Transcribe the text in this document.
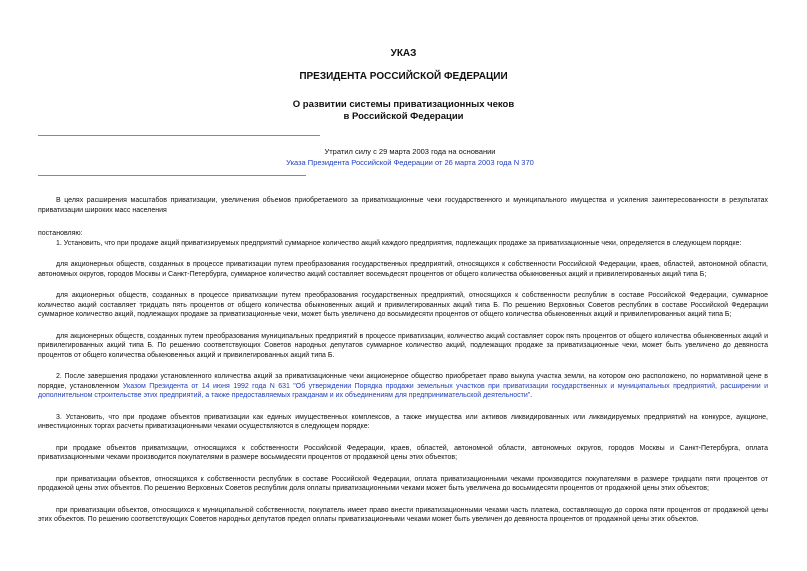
УКАЗ
ПРЕЗИДЕНТА РОССИЙСКОЙ ФЕДЕРАЦИИ
О развитии системы приватизационных чеков
в Российской Федерации
Утратил силу с 29 марта 2003 года на основании
Указа Президента Российской Федерации от 26 марта 2003 года N 370

В целях расширения масштабов приватизации, увеличения объемов приобретаемого за приватизационные чеки государственного и муниципального имущества и усиления заинтересованности в результатах приватизации широких масс населения

постановляю:

1. Установить, что при продаже акций приватизируемых предприятий суммарное количество акций каждого предприятия, подлежащих продаже за приватизационные чеки, определяется в следующем порядке:

для акционерных обществ, созданных в процессе приватизации путем преобразования государственных предприятий, относящихся к собственности Российской Федерации, краев, областей, автономной области, автономных округов, городов Москвы и Санкт-Петербурга, суммарное количество акций составляет восемьдесят процентов от общего количества обыкновенных акций и привилегированных акций типа Б;

для акционерных обществ, созданных в процессе приватизации путем преобразования государственных предприятий, относящихся к собственности республик в составе Российской Федерации, суммарное количество акций составляет тридцать пять процентов от общего количества обыкновенных акций и привилегированных акций типа Б. По решению Верховных Советов республик в составе Российской Федерации суммарное количество акций, подлежащих продаже за приватизационные чеки, может быть увеличено до восьмидесяти процентов от общего количества обыкновенных акций и привилегированных акций типа Б;

для акционерных обществ, созданных путем преобразования муниципальных предприятий в процессе приватизации, количество акций составляет сорок пять процентов от общего количества обыкновенных акций и привилегированных акций типа Б. По решению соответствующих Советов народных депутатов суммарное количество акций, подлежащих продаже за приватизационные чеки, может быть увеличено до девяноста процентов от общего количества обыкновенных акций и привилегированных акций типа Б.

2. После завершения продажи установленного количества акций за приватизационные чеки акционерное общество приобретает право выкупа участка земли, на котором оно расположено, по нормативной цене в порядке, установленном Указом Президента от 14 июня 1992 года N 631 "Об утверждении Порядка продажи земельных участков при приватизации государственных и муниципальных предприятий, расширении и дополнительном строительстве этих предприятий, а также предоставляемых гражданам и их объединениям для предпринимательской деятельности".

3. Установить, что при продаже объектов приватизации как единых имущественных комплексов, а также имущества или активов ликвидированных или ликвидируемых предприятий на конкурсе, аукционе, инвестиционных торгах расчеты приватизационными чеками осуществляются в следующем порядке:

при продаже объектов приватизации, относящихся к собственности Российской Федерации, краев, областей, автономной области, автономных округов, городов Москвы и Санкт-Петербурга, оплата приватизационными чеками производится покупателями в размере восьмидесяти процентов от продажной цены этих объектов;

при приватизации объектов, относящихся к собственности республик в составе Российской Федерации, оплата приватизационными чеками производится покупателями в размере тридцати пяти процентов от продажной цены этих объектов. По решению Верховных Советов республик доля оплаты приватизационными чеками может быть увеличена до восьмидесяти процентов от продажной цены этих объектов;

при приватизации объектов, относящихся к муниципальной собственности, покупатель имеет право внести приватизационными чеками часть платежа, составляющую до сорока пяти процентов от продажной цены этих объектов. По решению соответствующих Советов народных депутатов предел оплаты приватизационными чеками может быть увеличен до девяноста процентов от продажной цены этих объектов.
